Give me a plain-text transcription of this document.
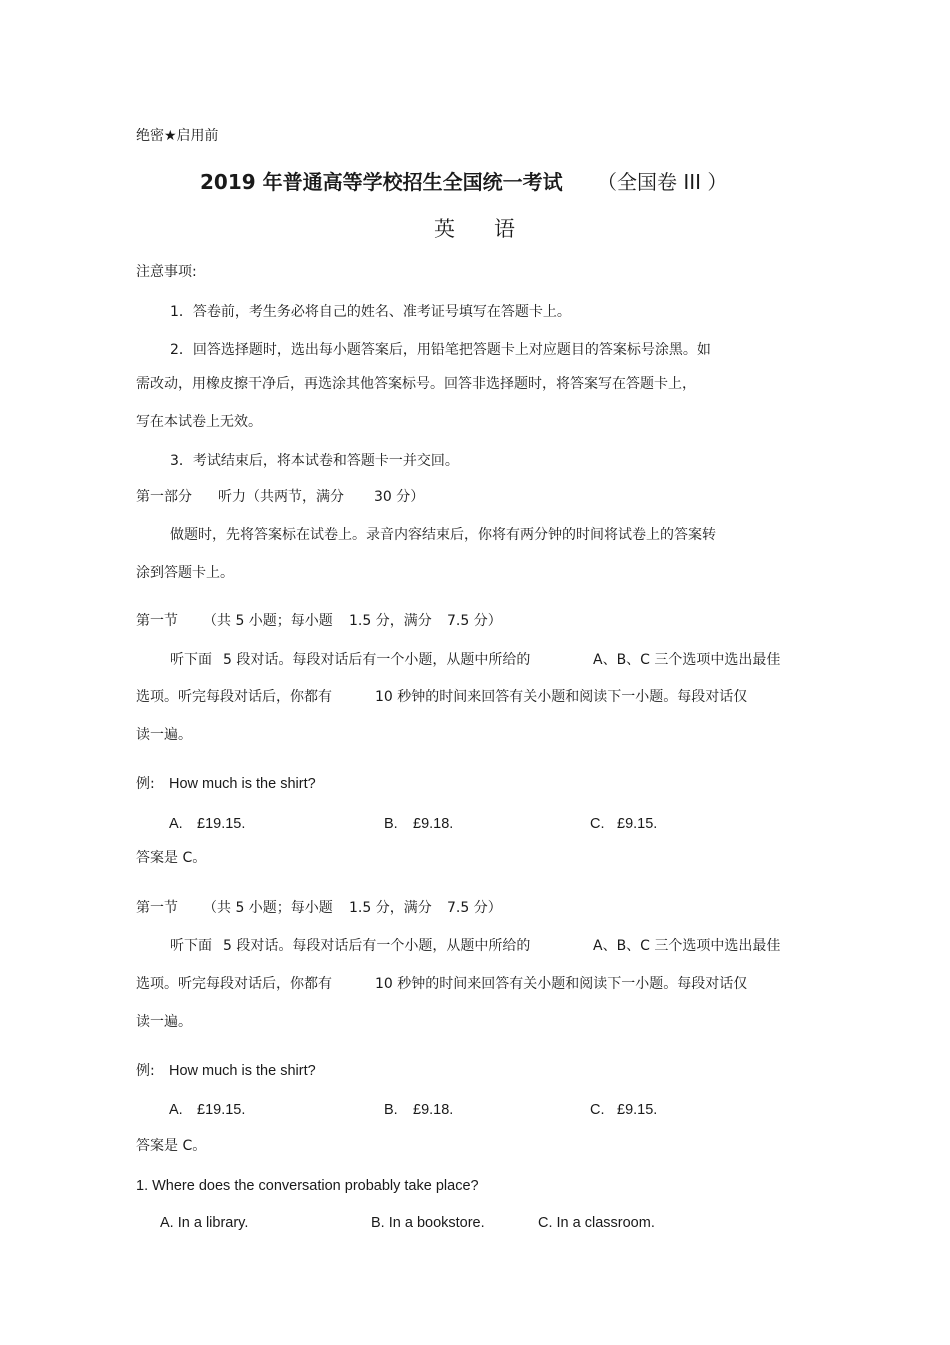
绝密★启用前
2019 年普通高等学校招生全国统一考试 （全国卷 III ）
英 语
注意事项:
1．答卷前，考生务必将自己的姓名、准考证号填写在答题卡上。
2．回答选择题时，选出每小题答案后，用铅笔把答题卡上对应题目的答案标号涂黑。如
需改动，用橡皮擦干净后，再选涂其他答案标号。回答非选择题时，将答案写在答题卡上，
写在本试卷上无效。
3．考试结束后，将本试卷和答题卡一并交回。
第一部分 听力（共两节，满分 30 分）
做题时，先将答案标在试卷上。录音内容结束后，你将有两分钟的时间将试卷上的答案转
涂到答题卡上。
第一节 （共 5 小题；每小题 1.5 分，满分 7.5 分）
听下面 5 段对话。每段对话后有一个小题，从题中所给的	A、B、C 三个选项中选出最佳
选项。听完每段对话后，你都有	10 秒钟的时间来回答有关小题和阅读下一小题。每段对话仅
读一遍。
例: How much is the shirt?
A. £19.15.	B. £9.18.	C. £9.15.
答案是 C。
第一节 （共 5 小题；每小题 1.5 分，满分 7.5 分）
听下面 5 段对话。每段对话后有一个小题，从题中所给的	A、B、C 三个选项中选出最佳
选项。听完每段对话后，你都有	10 秒钟的时间来回答有关小题和阅读下一小题。每段对话仅
读一遍。
例: How much is the shirt?
A. £19.15.	B. £9.18.	C. £9.15.
答案是 C。
1. Where does the conversation probably take place?
A. In a library.	B. In a bookstore.	C. In a classroom.
